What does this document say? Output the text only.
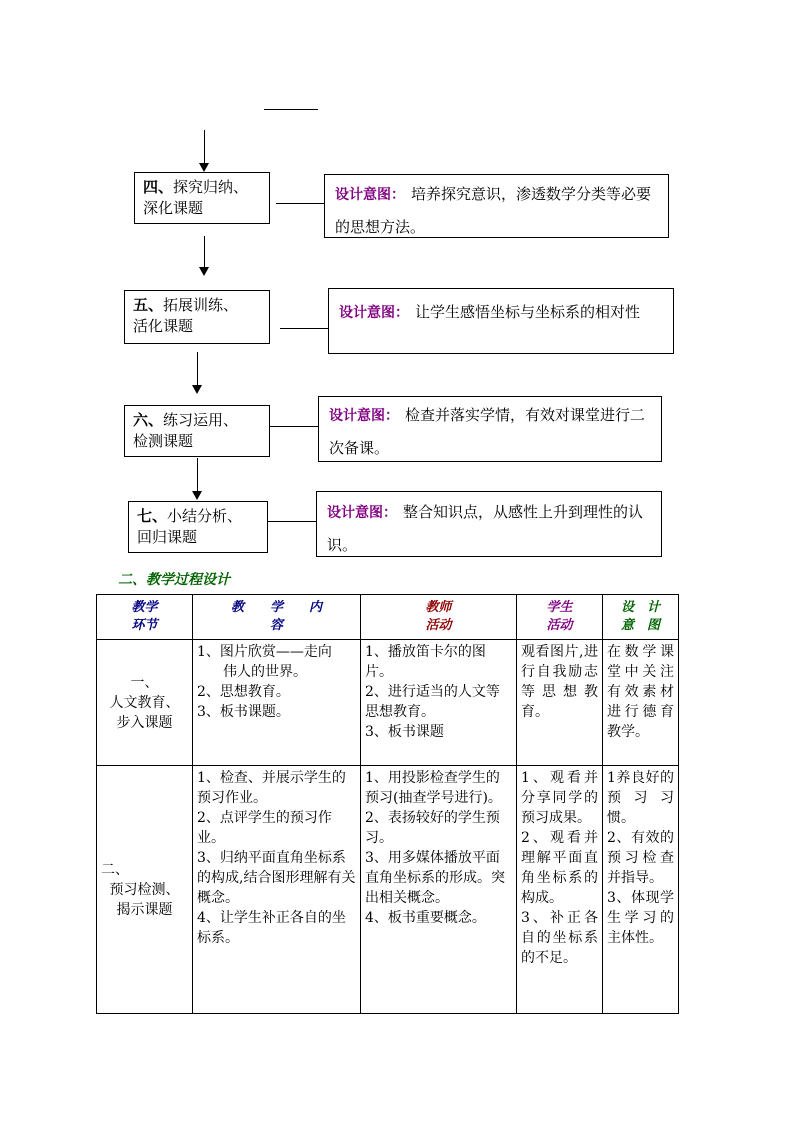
四、探究归纳、
深化课题
设计意图： 培养探究意识，渗透数学分类等必要的思想方法。
五、拓展训练、
活化课题
设计意图： 让学生感悟坐标与坐标系的相对性
六、练习运用、
检测课题
设计意图： 检查并落实学情，有效对课堂进行二次备课。
七、小结分析、
回归课题
设计意图： 整合知识点，从感性上升到理性的认识。
二、教学过程设计
教学
环节	教　　学　　内
容	教师
活动	学生
活动	设　计
意　图

一、
人文教育、
步入课题	1、图片欣赏——走向
伟人的世界。
2、思想教育。
3、板书课题。	1、播放笛卡尔的图片。
2、进行适当的人文等思想教育。
3、板书课题	观看图片,进行自我励志等思想教育。	在数学课堂中关注有效素材进行德育教学。

二、
预习检测、
揭示课题	1、检查、并展示学生的预习作业。
2、点评学生的预习作业。
3、归纳平面直角坐标系的构成,结合图形理解有关概念。
4、让学生补正各自的坐标系。	1、用投影检查学生的预习(抽查学号进行)。
2、表扬较好的学生预习。
3、用多媒体播放平面直角坐标系的形成。突出相关概念。
4、板书重要概念。	1、观看并分享同学的预习成果。
2、观看并理解平面直角坐标系的构成。
3、补正各自的坐标系的不足。	1养良好的预习习惯。
2、有效的预习检查并指导。
3、体现学生学习的主体性。
